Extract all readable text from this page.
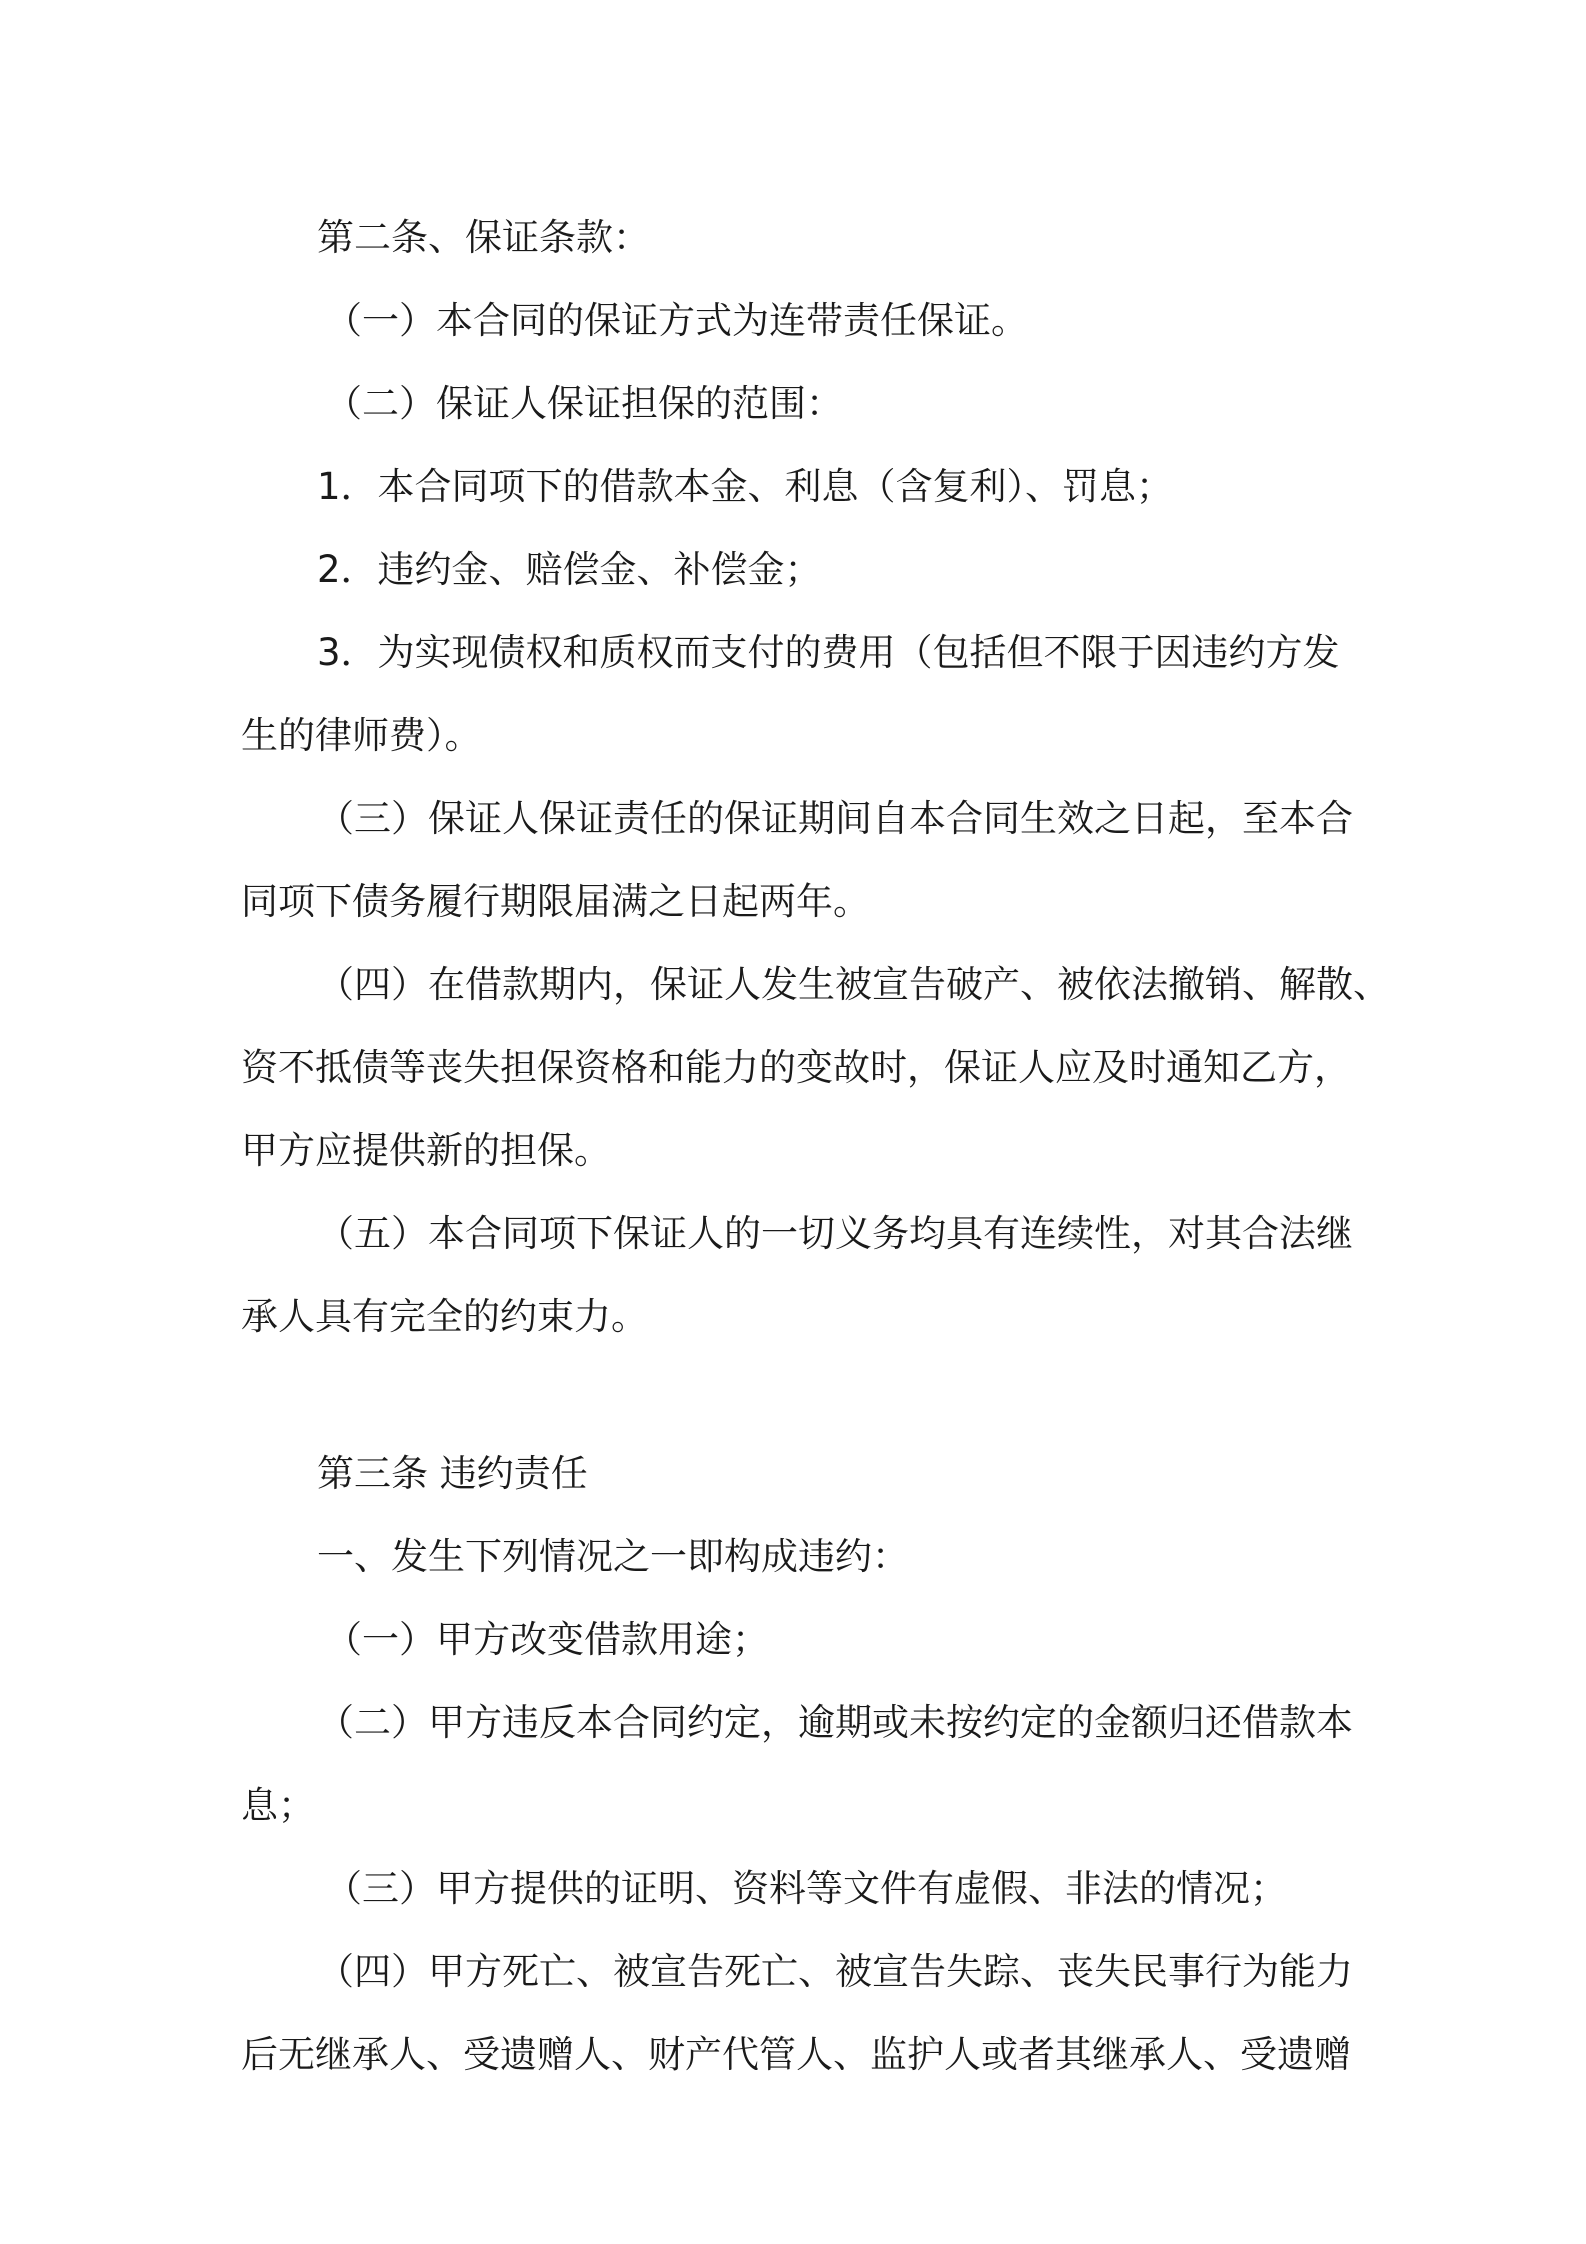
第二条、保证条款：

（一）本合同的保证方式为连带责任保证。

（二）保证人保证担保的范围：

1．本合同项下的借款本金、利息（含复利）、罚息；

2．违约金、赔偿金、补偿金；

3．为实现债权和质权而支付的费用（包括但不限于因违约方发

生的律师费）。

（三）保证人保证责任的保证期间自本合同生效之日起，至本合

同项下债务履行期限届满之日起两年。

（四）在借款期内，保证人发生被宣告破产、被依法撤销、解散、

资不抵债等丧失担保资格和能力的变故时，保证人应及时通知乙方，

甲方应提供新的担保。

（五）本合同项下保证人的一切义务均具有连续性，对其合法继

承人具有完全的约束力。

第三条 违约责任

一、发生下列情况之一即构成违约：

（一）甲方改变借款用途；

（二）甲方违反本合同约定，逾期或未按约定的金额归还借款本

息；

（三）甲方提供的证明、资料等文件有虚假、非法的情况；

（四）甲方死亡、被宣告死亡、被宣告失踪、丧失民事行为能力

后无继承人、受遗赠人、财产代管人、监护人或者其继承人、受遗赠
